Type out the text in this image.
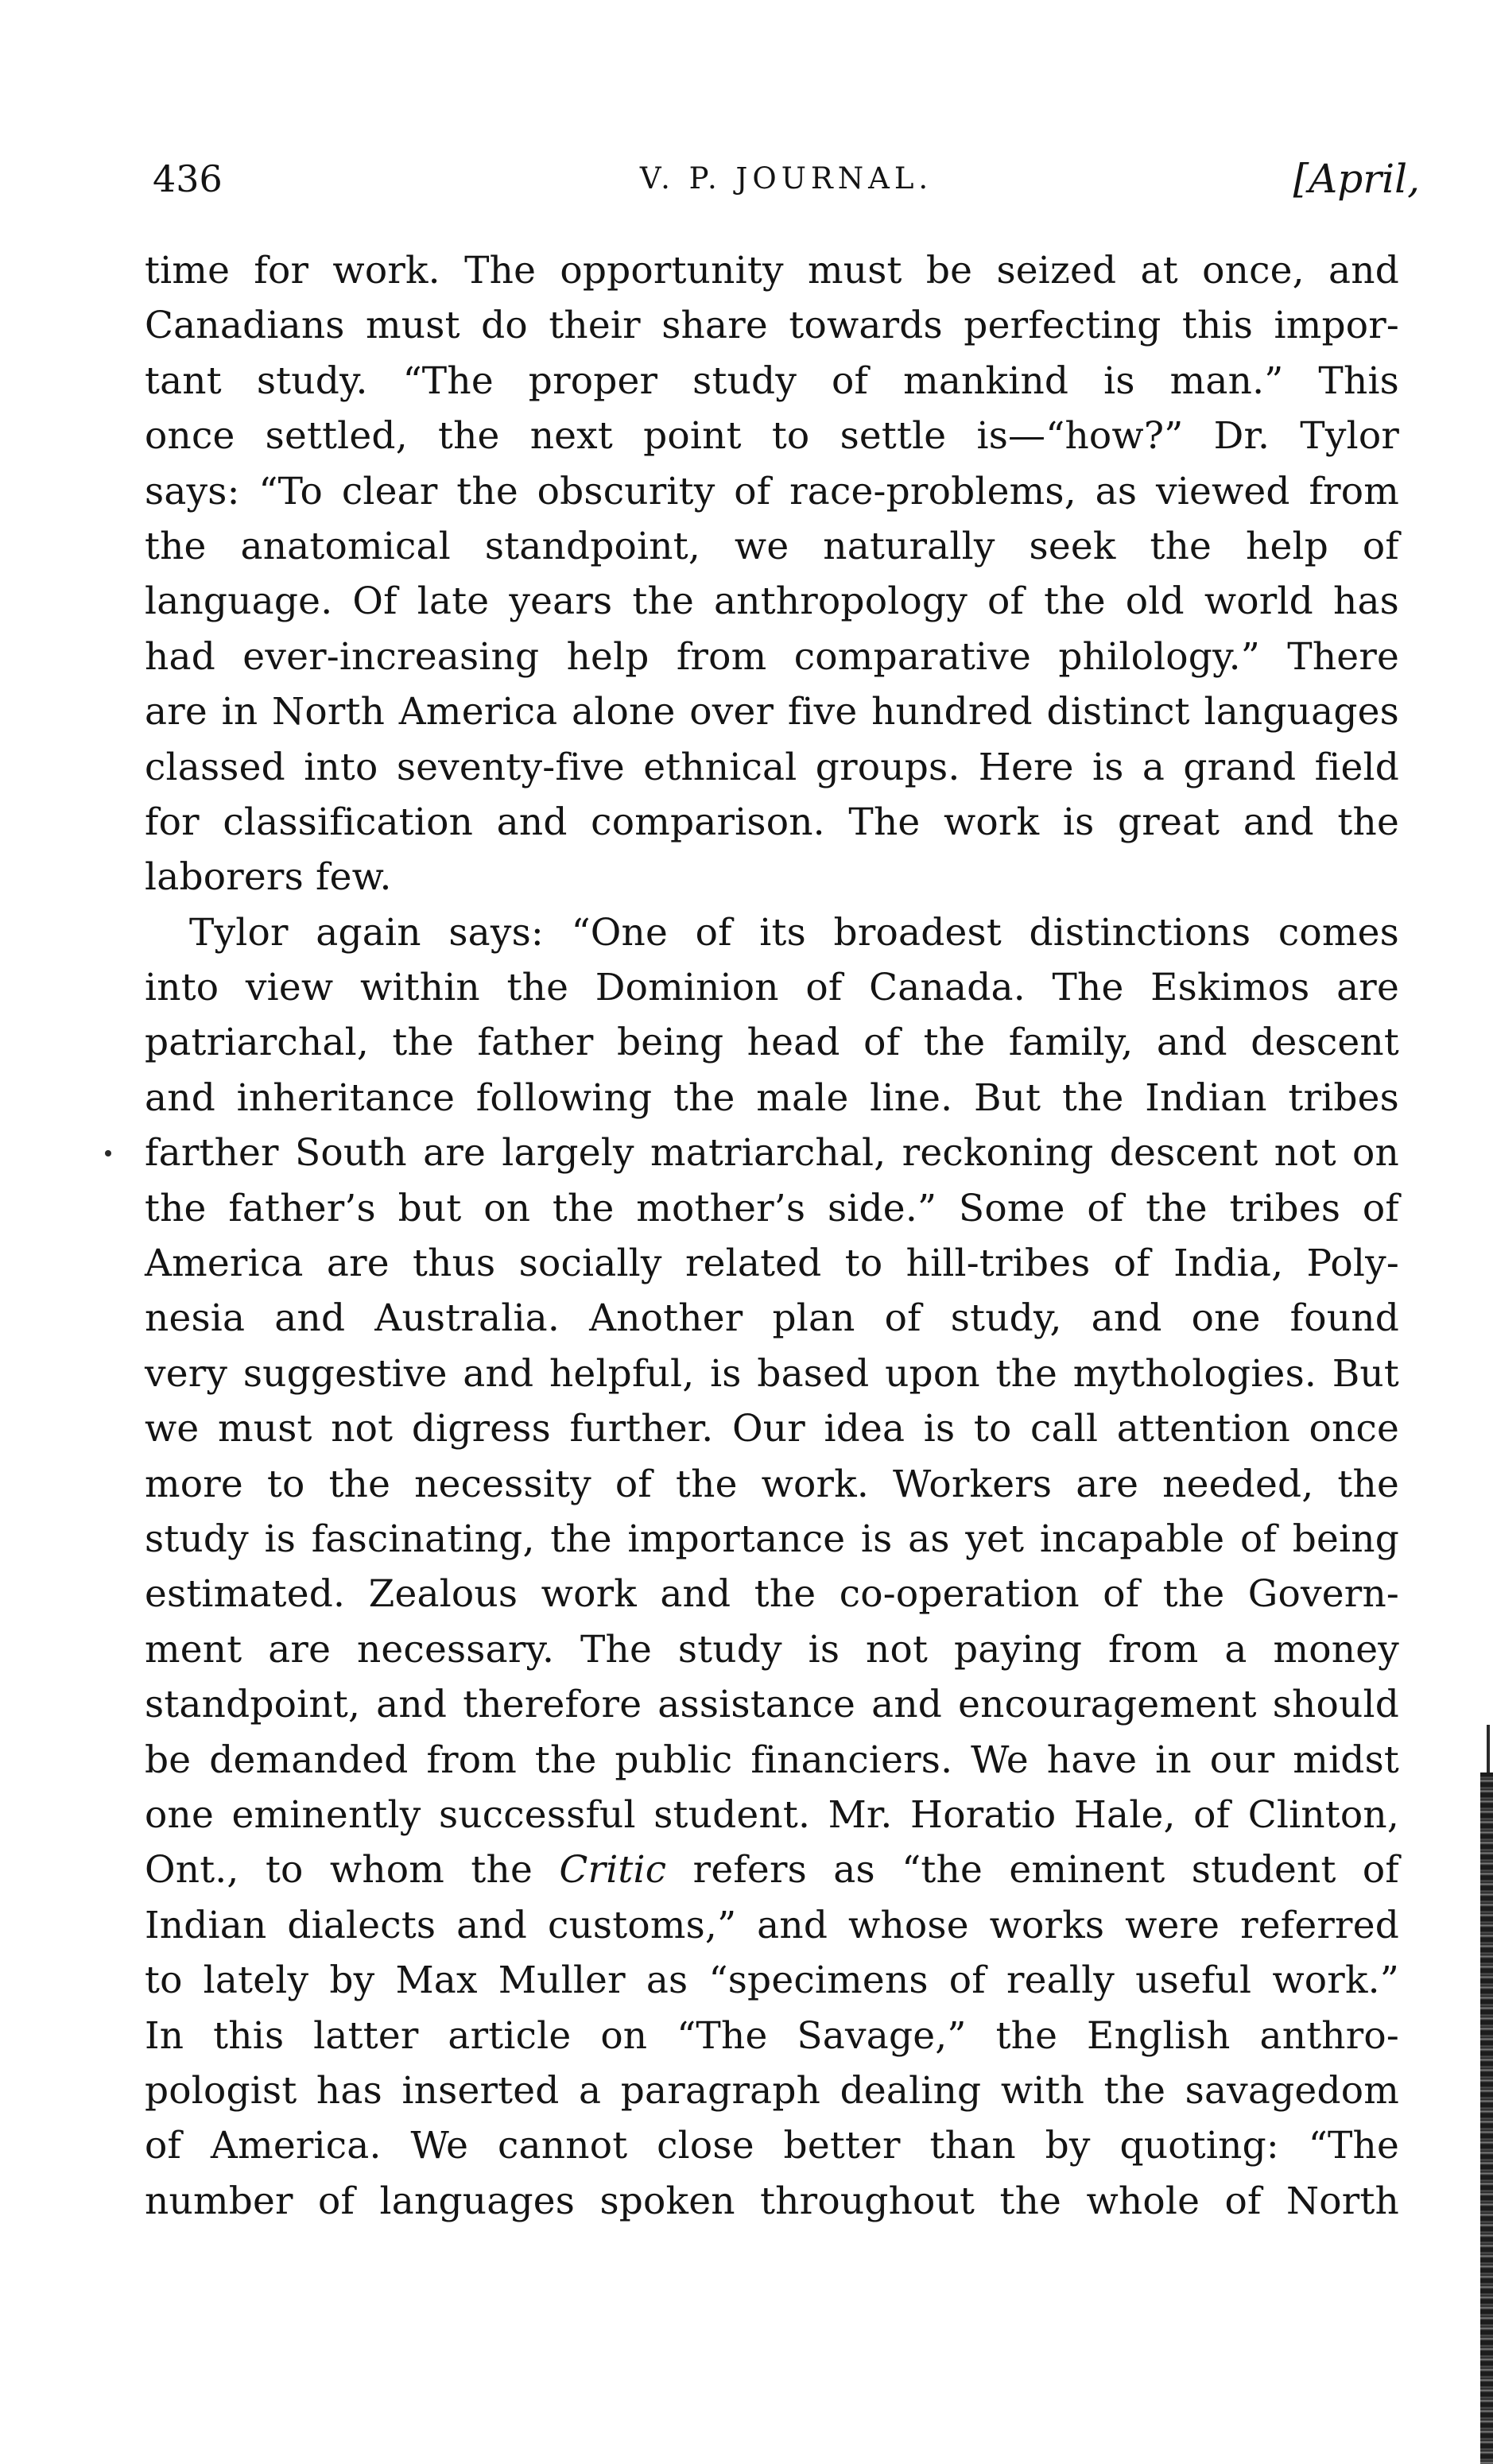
436	V. P. JOURNAL.	[April,
time for work. The opportunity must be seized at once, and
Canadians must do their share towards perfecting this impor-
tant study. “The proper study of mankind is man.” This
once settled, the next point to settle is—“how?” Dr. Tylor
says: “To clear the obscurity of race-problems, as viewed from
the anatomical standpoint, we naturally seek the help of
language. Of late years the anthropology of the old world has
had ever-increasing help from comparative philology.” There
are in North America alone over five hundred distinct languages
classed into seventy-five ethnical groups. Here is a grand field
for classification and comparison. The work is great and the
laborers few.
Tylor again says: “One of its broadest distinctions comes
into view within the Dominion of Canada. The Eskimos are
patriarchal, the father being head of the family, and descent
and inheritance following the male line. But the Indian tribes
farther South are largely matriarchal, reckoning descent not on
the father’s but on the mother’s side.” Some of the tribes of
America are thus socially related to hill-tribes of India, Poly-
nesia and Australia. Another plan of study, and one found
very suggestive and helpful, is based upon the mythologies. But
we must not digress further. Our idea is to call attention once
more to the necessity of the work. Workers are needed, the
study is fascinating, the importance is as yet incapable of being
estimated. Zealous work and the co-operation of the Govern-
ment are necessary. The study is not paying from a money
standpoint, and therefore assistance and encouragement should
be demanded from the public financiers. We have in our midst
one eminently successful student. Mr. Horatio Hale, of Clinton,
Ont., to whom the Critic refers as “the eminent student of
Indian dialects and customs,” and whose works were referred
to lately by Max Muller as “specimens of really useful work.”
In this latter article on “The Savage,” the English anthro-
pologist has inserted a paragraph dealing with the savagedom
of America. We cannot close better than by quoting: “The
number of languages spoken throughout the whole of North
